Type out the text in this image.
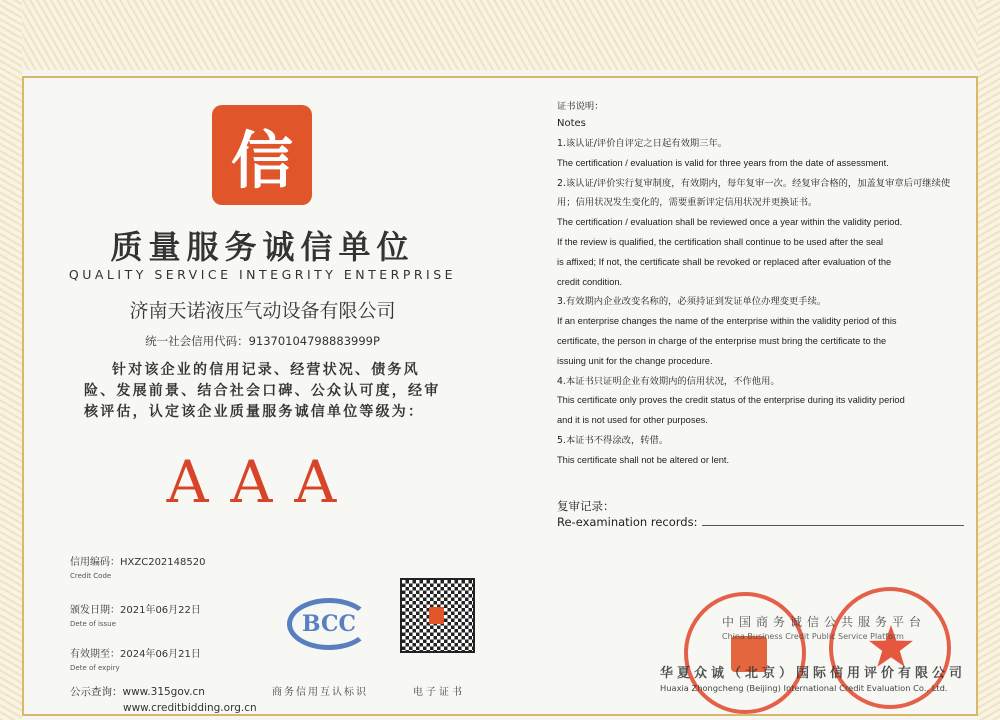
信
质量服务诚信单位
QUALITY SERVICE INTEGRITY ENTERPRISE
济南天诺液压气动设备有限公司
统一社会信用代码：91370104798883999P
针对该企业的信用记录、经营状况、债务风险、发展前景、结合社会口碑、公众认可度，经审核评估，认定该企业质量服务诚信单位等级为：
AAA
信用编码：HXZC202148520
Credit Code
颁发日期：2021年06月22日
Dete of issue
有效期至：2024年06月21日
Dete of expiry
公示查询：www.315gov.cn
www.creditbidding.org.cn
BCC
商务信用互认标识	电子证书
证书说明：
Notes
1.该认证/评价自评定之日起有效期三年。
The certification / evaluation is valid for three years from the date of assessment.
2.该认证/评价实行复审制度，有效期内，每年复审一次。经复审合格的，加盖复审章后可继续使
用；信用状况发生变化的，需要重新评定信用状况并更换证书。
The certification / evaluation shall be reviewed once a year within the validity period.
If the review is qualified, the certification shall continue to be used after the seal
is affixed; If not, the certificate shall be revoked or replaced after evaluation of the
credit condition.
3.有效期内企业改变名称的，必须持证到发证单位办理变更手续。
If an enterprise changes the name of the enterprise within the validity period of this
certificate, the person in charge of the enterprise must bring the certificate to the
issuing unit for the change procedure.
4.本证书只证明企业有效期内的信用状况，不作他用。
This certificate only proves the credit status of the enterprise during its validity period
and it is not used for other purposes.
5.本证书不得涂改，转借。
This certificate shall not be altered or lent.
复审记录：
Re-examination records:
中国商务诚信公共服务平台
China Business Credit Public Service Platform
华夏众诚（北京）国际信用评价有限公司
Huaxia Zhongcheng (Beijing) International Credit Evaluation Co., Ltd.
